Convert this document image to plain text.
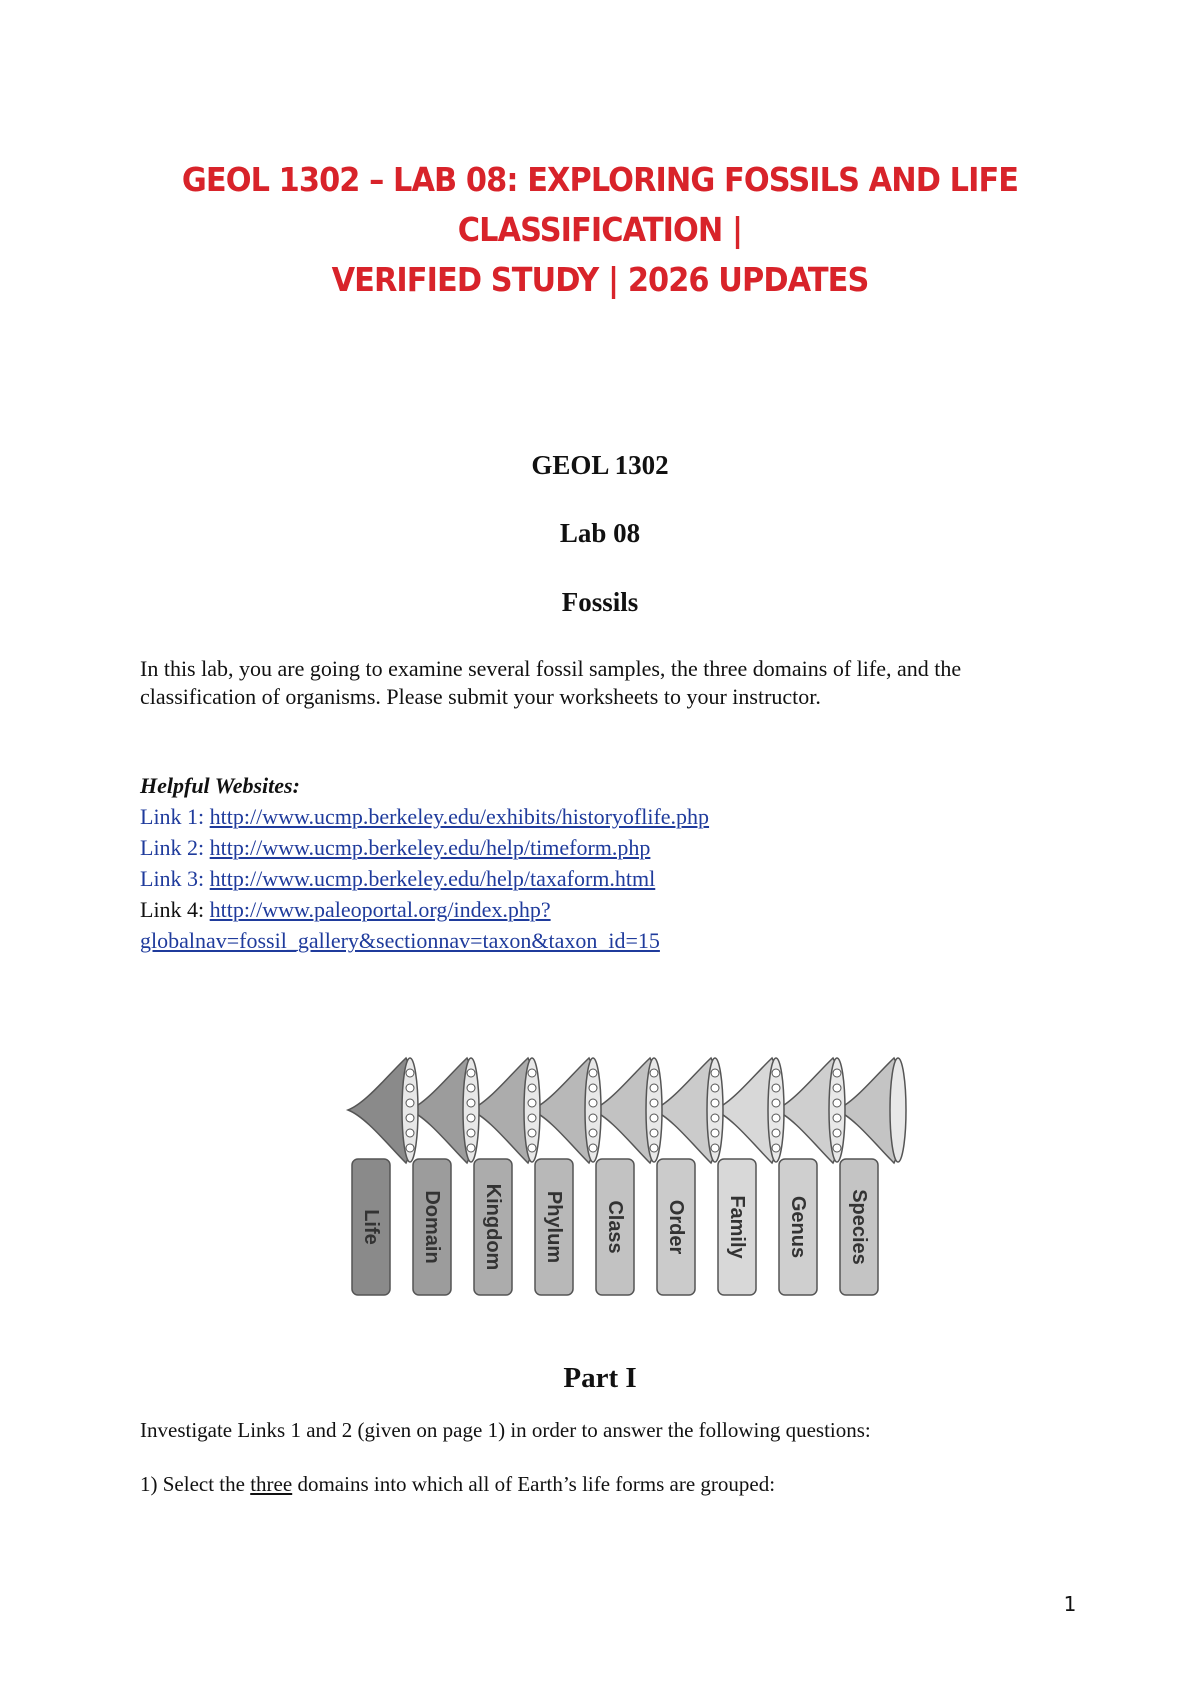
GEOL 1302 – LAB 08: EXPLORING FOSSILS AND LIFE CLASSIFICATION |
VERIFIED STUDY | 2026 UPDATES
GEOL 1302
Lab 08
Fossils
In this lab, you are going to examine several fossil samples, the three domains of life, and the classification of organisms. Please submit your worksheets to your instructor.
Helpful Websites:
Link 1: http://www.ucmp.berkeley.edu/exhibits/historyoflife.php
Link 2: http://www.ucmp.berkeley.edu/help/timeform.php
Link 3: http://www.ucmp.berkeley.edu/help/taxaform.html
Link 4: http://www.paleoportal.org/index.php?
globalnav=fossil_gallery&sectionnav=taxon&taxon_id=15
Life Domain Kingdom Phylum Class Order Family Genus Species
Part I
Investigate Links 1 and 2 (given on page 1) in order to answer the following questions:
1) Select the three domains into which all of Earth’s life forms are grouped:
1
